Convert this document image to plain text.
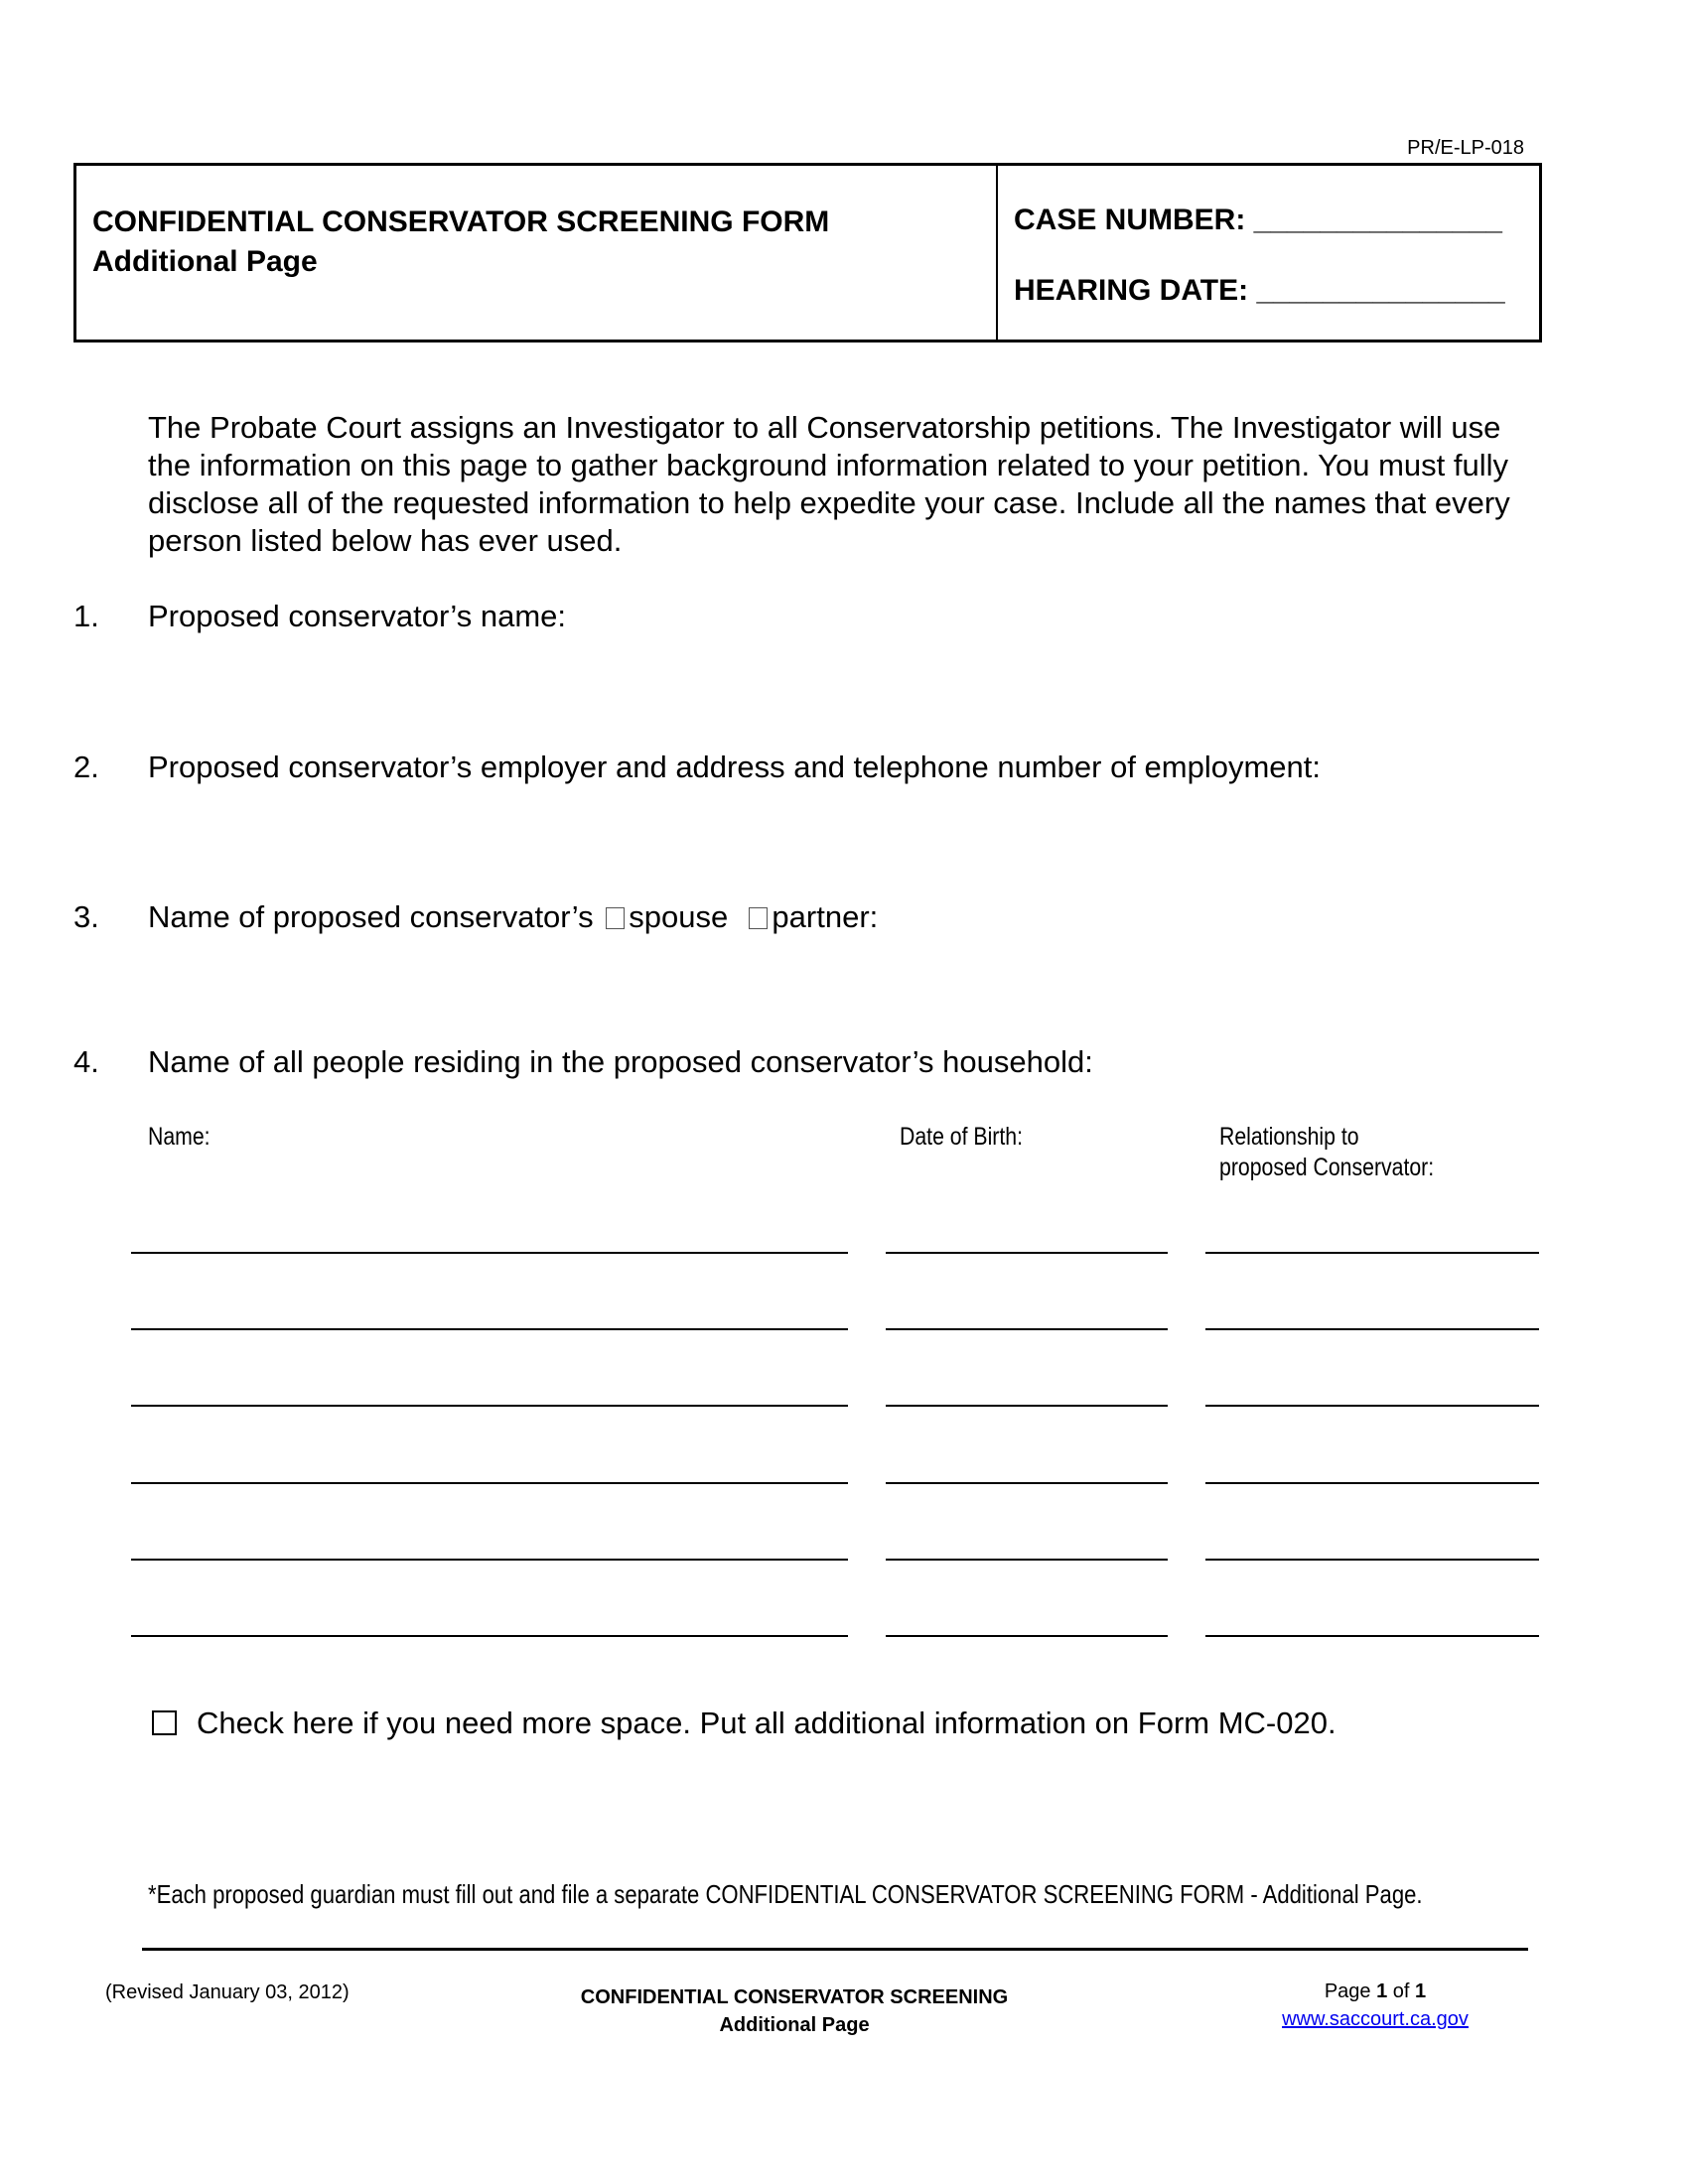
PR/E-LP-018
CONFIDENTIAL CONSERVATOR SCREENING FORM
Additional Page
CASE NUMBER: _______________
HEARING DATE: _______________
The Probate Court assigns an Investigator to all Conservatorship petitions. The Investigator will use the information on this page to gather background information related to your petition. You must fully disclose all of the requested information to help expedite your case. Include all the names that every person listed below has ever used.
1. Proposed conservator’s name:
2. Proposed conservator’s employer and address and telephone number of employment:
3. Name of proposed conservator’s spouse partner:
4. Name of all people residing in the proposed conservator’s household:
Name:	Date of Birth:	Relationship to
proposed Conservator:
Check here if you need more space. Put all additional information on Form MC-020.
*Each proposed guardian must fill out and file a separate CONFIDENTIAL CONSERVATOR SCREENING FORM - Additional Page.
(Revised January 03, 2012)	CONFIDENTIAL CONSERVATOR SCREENING
Additional Page
Page 1 of 1
www.saccourt.ca.gov
